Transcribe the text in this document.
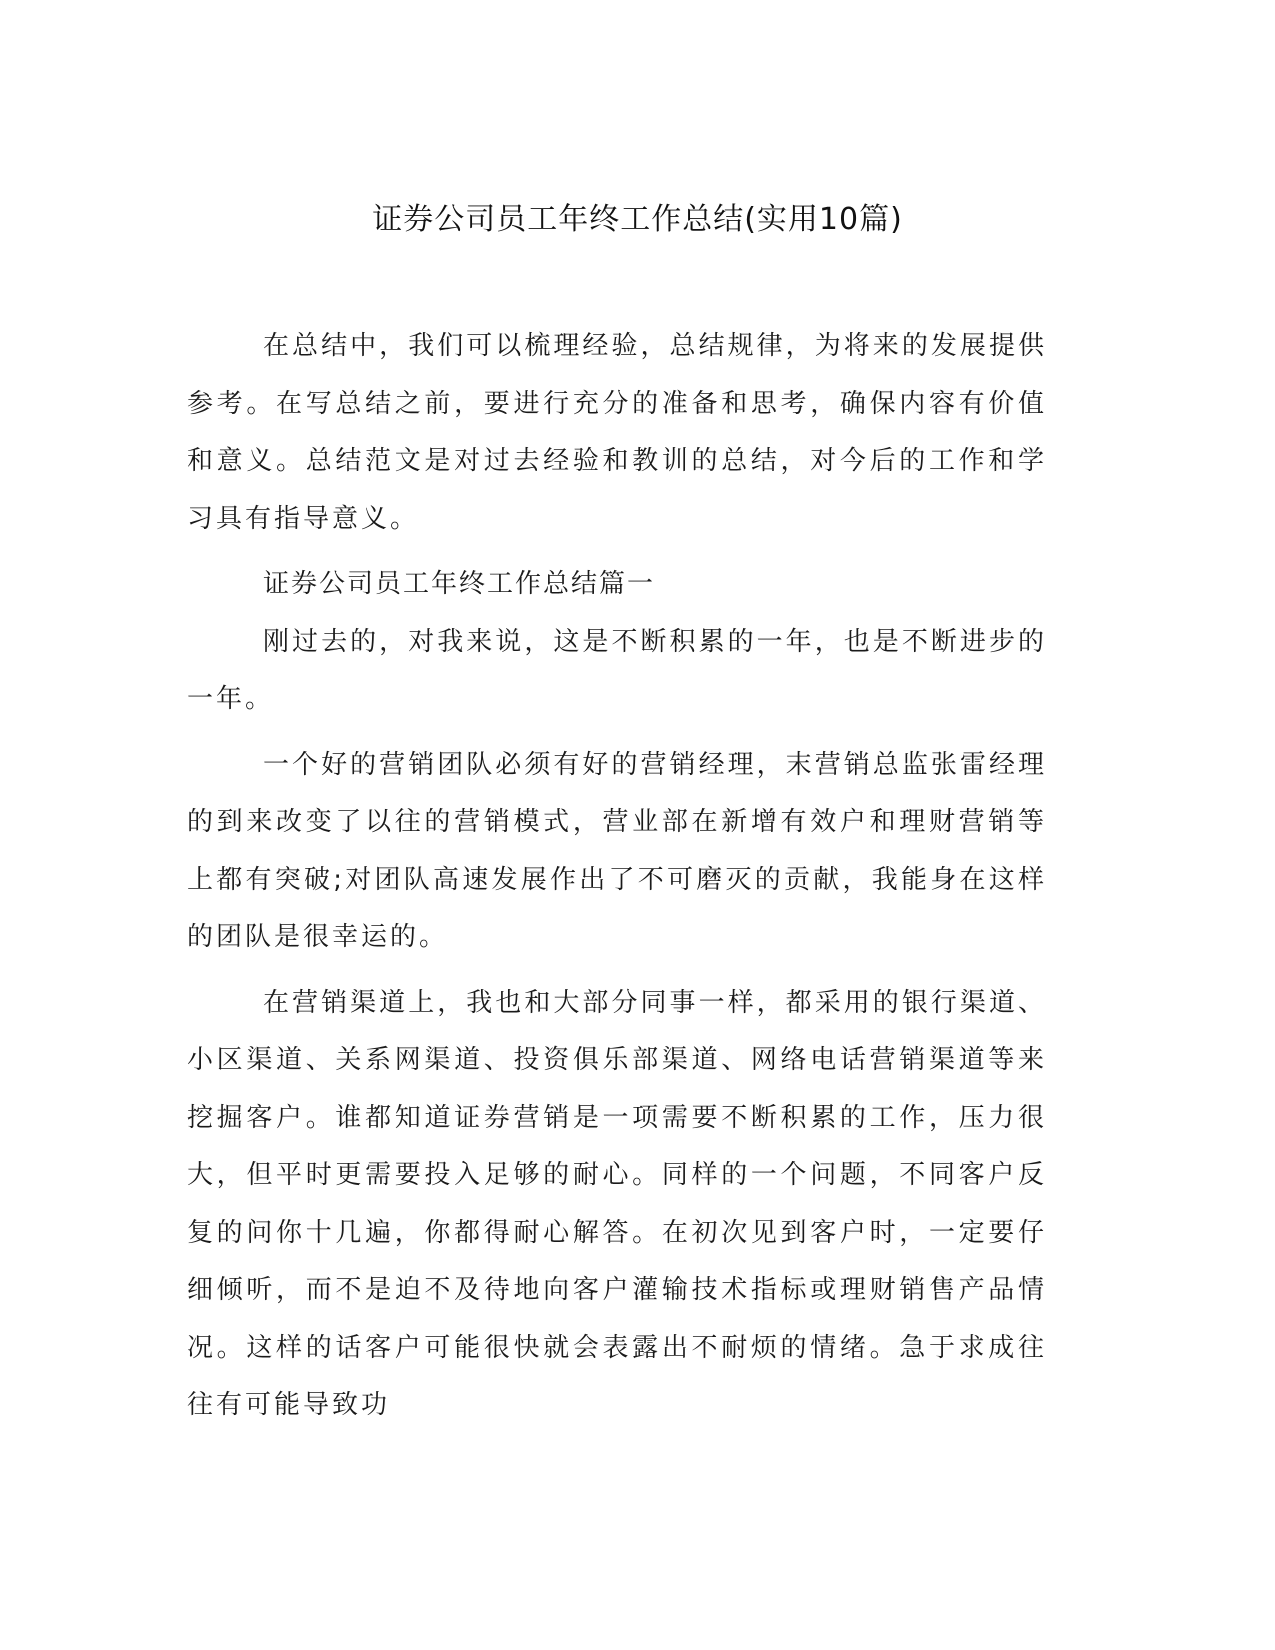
证券公司员工年终工作总结(实用10篇)

在总结中，我们可以梳理经验，总结规律，为将来的发展提供参考。在写总结之前，要进行充分的准备和思考，确保内容有价值和意义。总结范文是对过去经验和教训的总结，对今后的工作和学习具有指导意义。

证券公司员工年终工作总结篇一

刚过去的，对我来说，这是不断积累的一年，也是不断进步的一年。

一个好的营销团队必须有好的营销经理，末营销总监张雷经理的到来改变了以往的营销模式，营业部在新增有效户和理财营销等上都有突破;对团队高速发展作出了不可磨灭的贡献，我能身在这样的团队是很幸运的。

在营销渠道上，我也和大部分同事一样，都采用的银行渠道、小区渠道、关系网渠道、投资俱乐部渠道、网络电话营销渠道等来挖掘客户。谁都知道证券营销是一项需要不断积累的工作，压力很大，但平时更需要投入足够的耐心。同样的一个问题，不同客户反复的问你十几遍，你都得耐心解答。在初次见到客户时，一定要仔细倾听，而不是迫不及待地向客户灌输技术指标或理财销售产品情况。这样的话客户可能很快就会表露出不耐烦的情绪。急于求成往往有可能导致功
